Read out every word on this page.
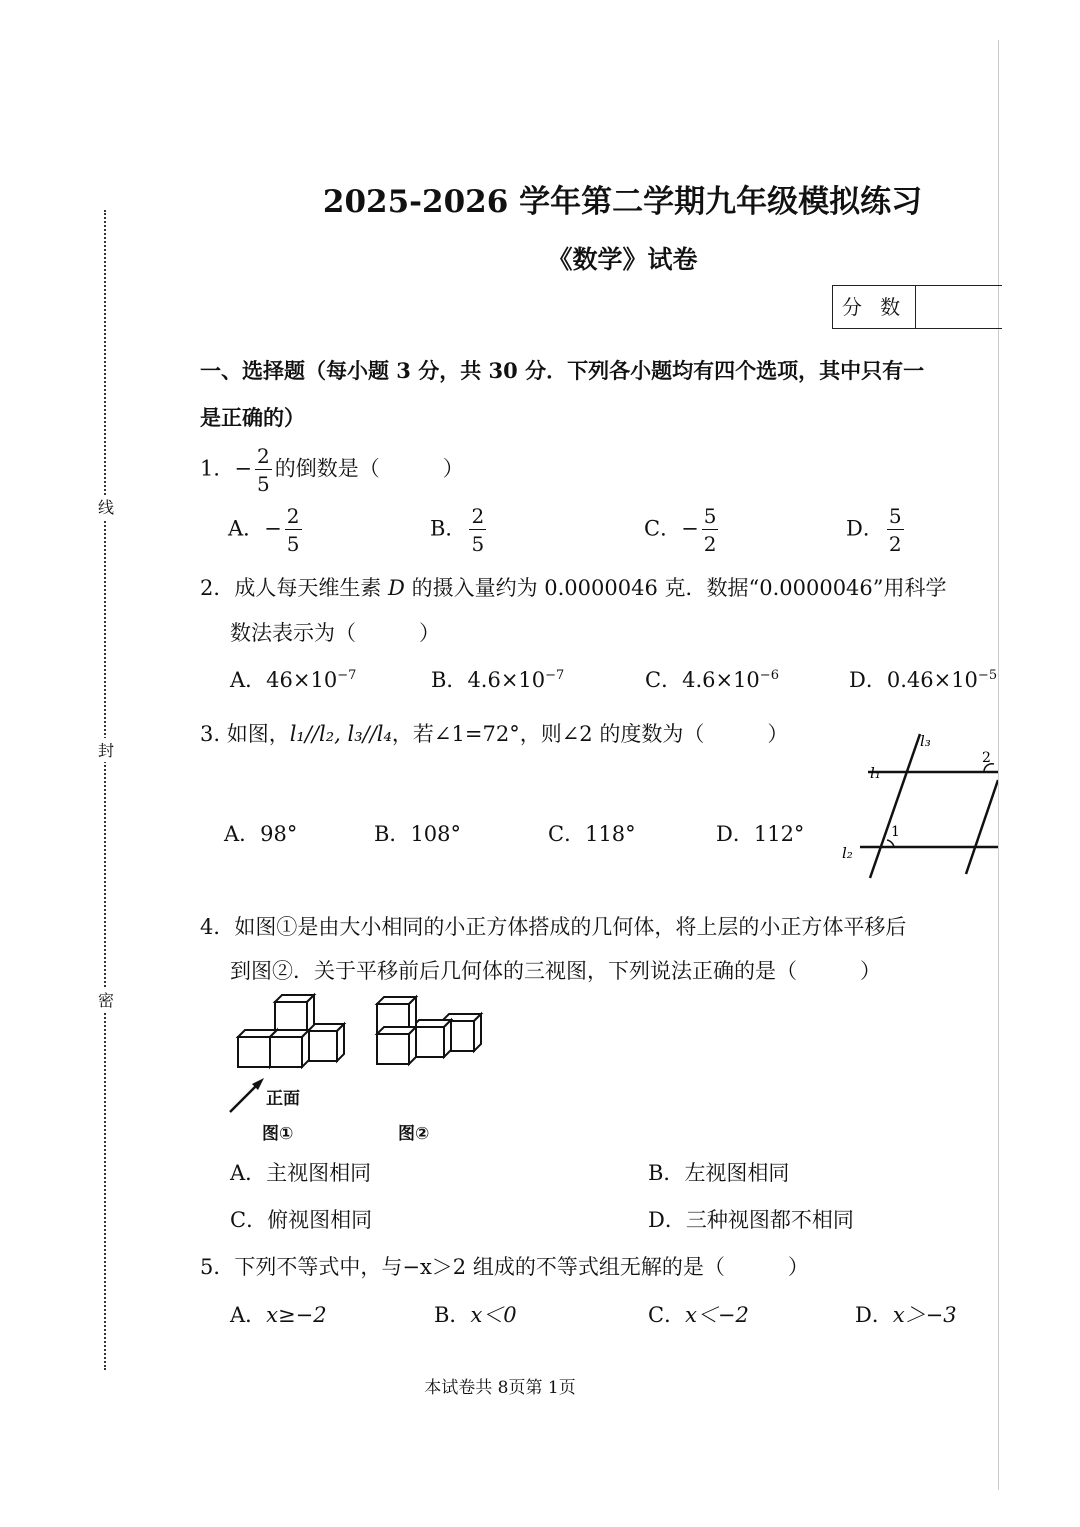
线
封
密
2025-2026 学年第二学期九年级模拟练习
《数学》试卷
分 数
一、选择题（每小题 3 分，共 30 分．下列各小题均有四个选项，其中只有一
是正确的）
1．− $\frac{2}{5}$ 的倒数是（　　　）
A．− $\frac{2}{5}$	B． $\frac{2}{5}$	C．− $\frac{5}{2}$	D． $\frac{5}{2}$
2．成人每天维生素 D 的摄入量约为 0.0000046 克．数据“0.0000046”用科学
数法表示为（　　　）
A．$46\times 10^{-7}$	B．$4.6\times 10^{-7}$	C．$4.6\times 10^{-6}$	D．$0.46\times 10^{-5}$
3. 如图，l₁//l₂, l₃//l₄，若∠1=72°，则∠2 的度数为（　　　）
A．98°	B．108°	C．118°	D．112°
l₁
l₂
l₃
1
2
4．如图①是由大小相同的小正方体搭成的几何体，将上层的小正方体平移后
到图②．关于平移前后几何体的三视图，下列说法正确的是（　　　）
正面
图①	图②
A．主视图相同	B．左视图相同
C．俯视图相同	D．三种视图都不相同
5．下列不等式中，与−x＞2 组成的不等式组无解的是（　　　）
A．x≥−2	B．x＜0	C．x＜−2	D．x＞−3
本试卷共 8页第 1页
